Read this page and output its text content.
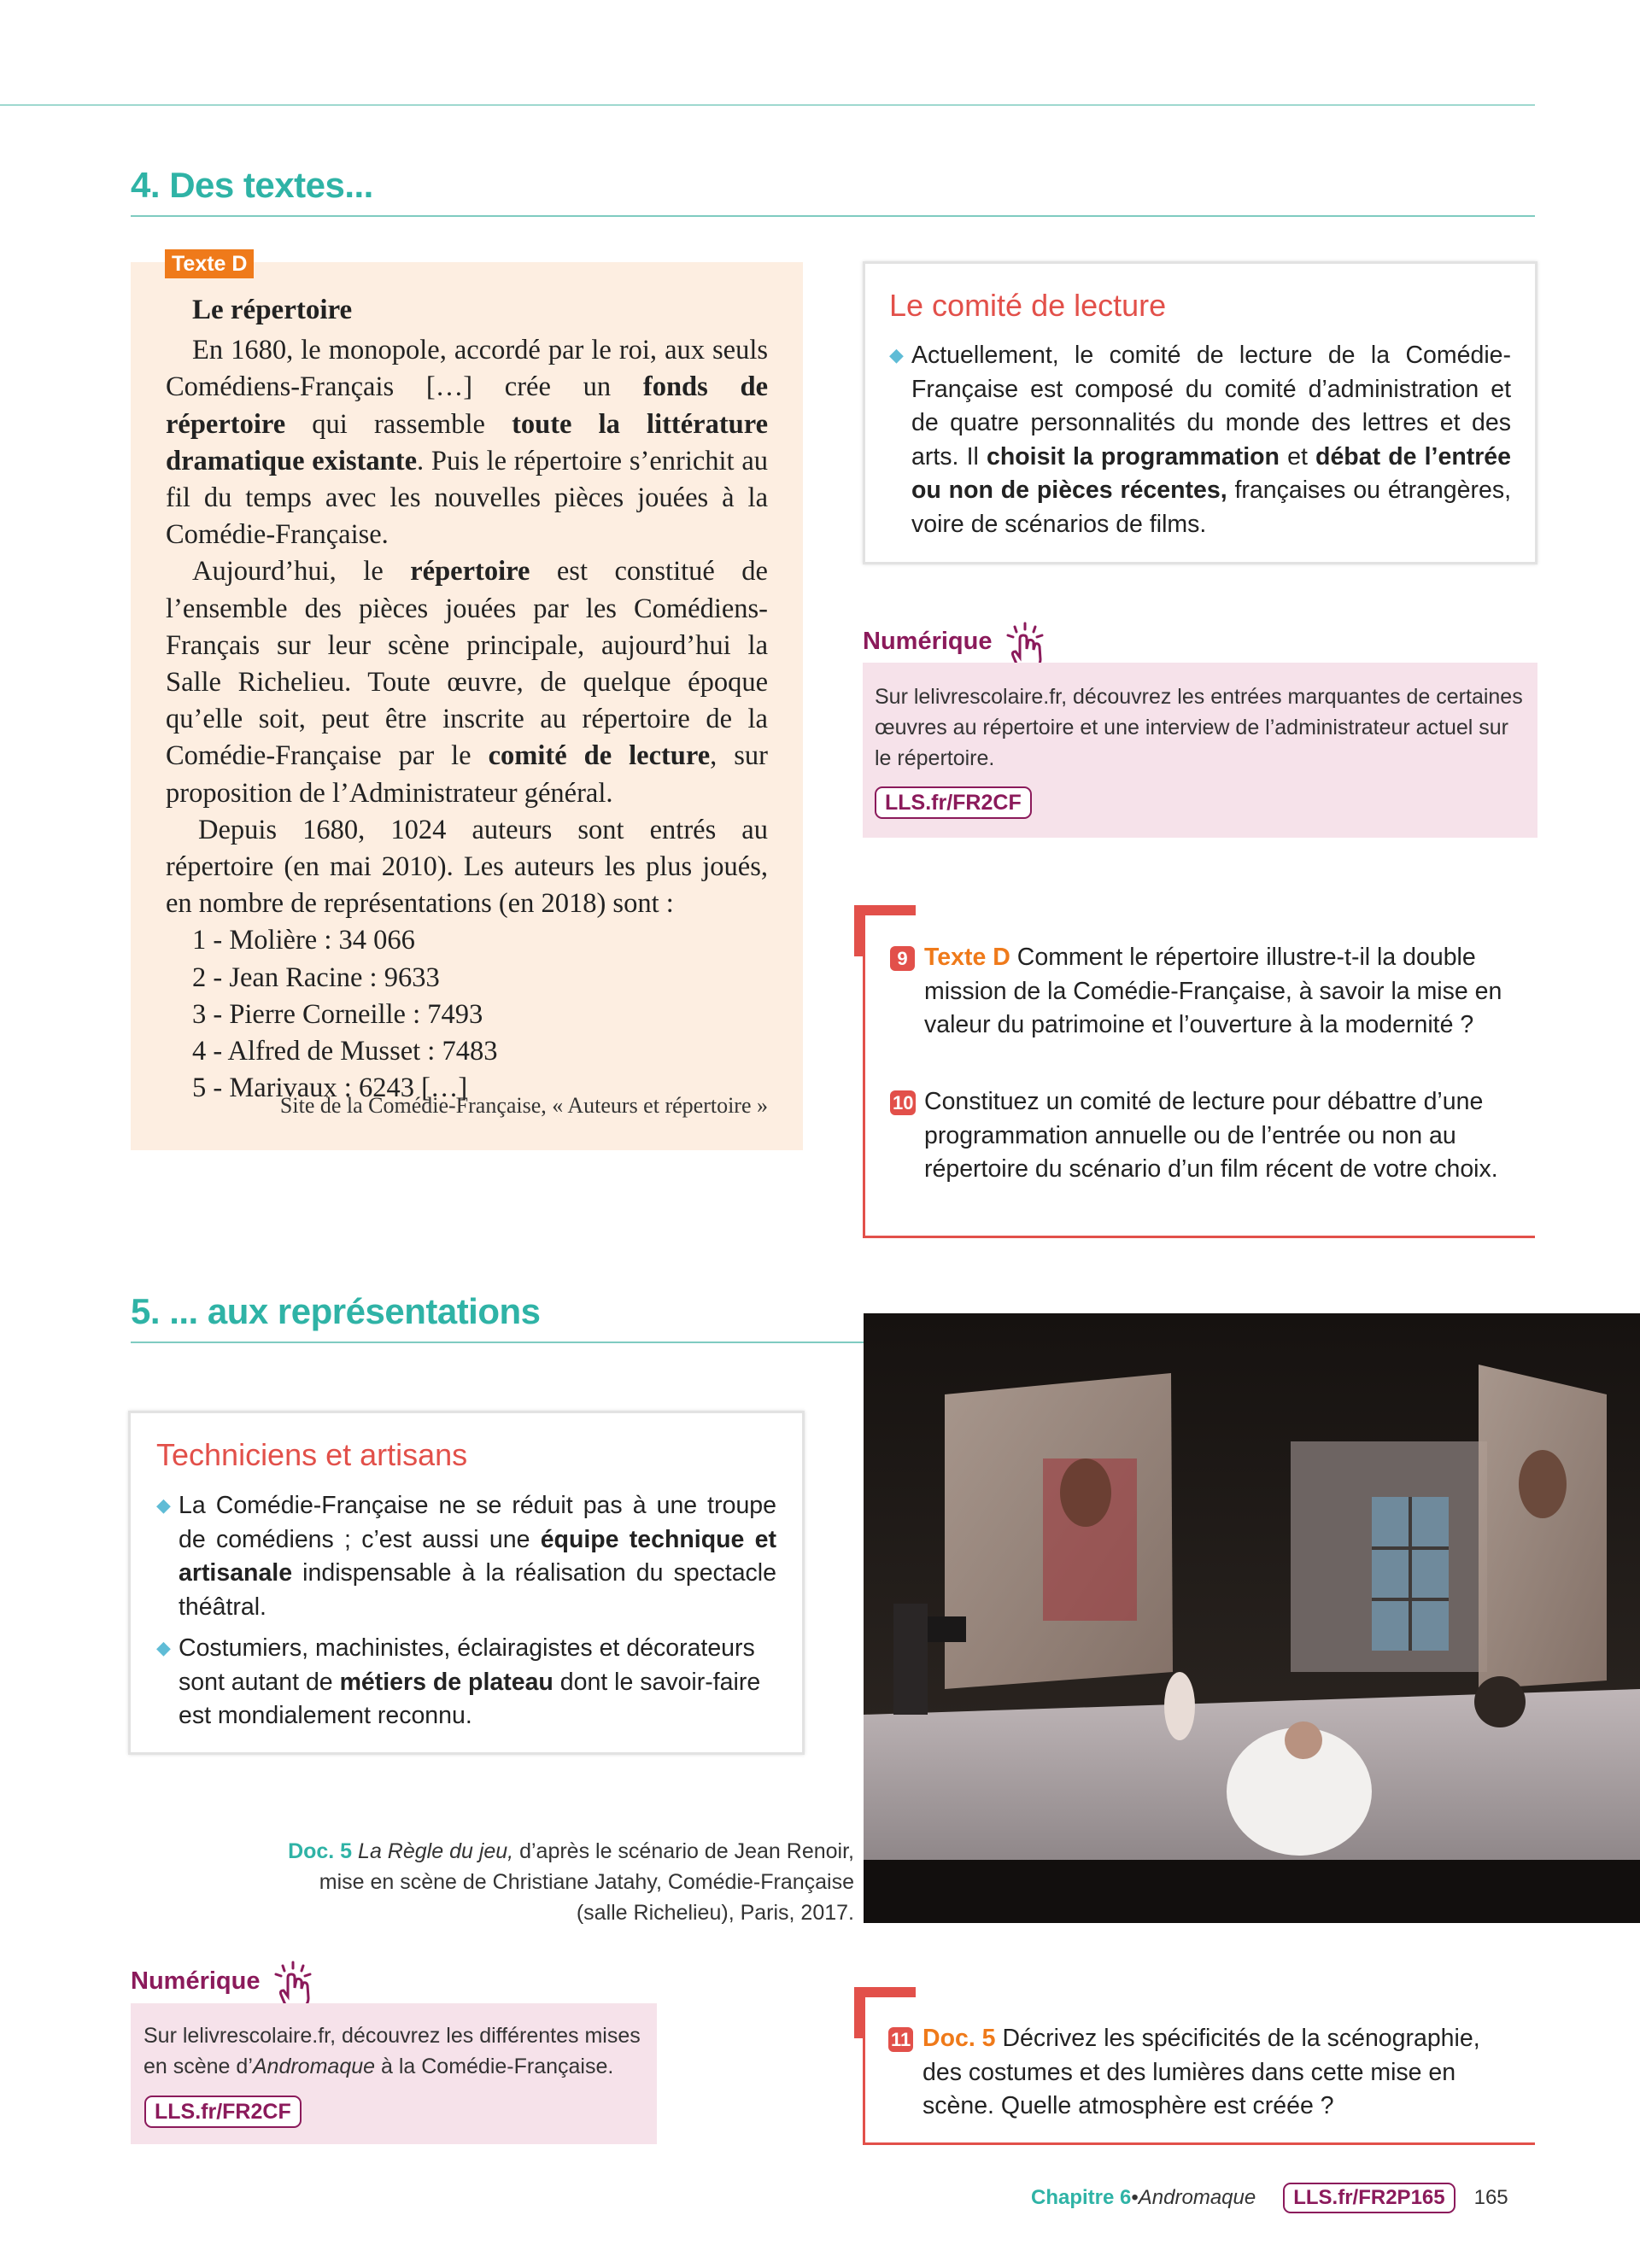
4. Des textes...
Texte D
Le répertoire

En 1680, le monopole, accordé par le roi, aux seuls Comédiens-Français […] crée un fonds de répertoire qui rassemble toute la littérature dramatique existante. Puis le répertoire s’enrichit au fil du temps avec les nouvelles pièces jouées à la Comédie-Française.

Aujourd’hui, le répertoire est constitué de l’ensemble des pièces jouées par les Comédiens-Français sur leur scène principale, aujourd’hui la Salle Richelieu. Toute œuvre, de quelque époque qu’elle soit, peut être inscrite au répertoire de la Comédie-Française par le comité de lecture, sur proposition de l’Administrateur général.

Depuis 1680, 1024 auteurs sont entrés au répertoire (en mai 2010). Les auteurs les plus joués, en nombre de représentations (en 2018) sont :

1 - Molière : 34 066
2 - Jean Racine : 9633
3 - Pierre Corneille : 7493
4 - Alfred de Musset : 7483
5 - Marivaux : 6243 […]
Site de la Comédie-Française, « Auteurs et répertoire »
Le comité de lecture
◆ Actuellement, le comité de lecture de la Comédie-Française est composé du comité d’administration et de quatre personnalités du monde des lettres et des arts. Il choisit la programmation et débat de l’entrée ou non de pièces récentes, françaises ou étrangères, voire de scénarios de films.
Numérique
Sur lelivrescolaire.fr, découvrez les entrées marquantes de certaines œuvres au répertoire et une interview de l’administrateur actuel sur le répertoire.
LLS.fr/FR2CF
9 Texte D Comment le répertoire illustre-t-il la double mission de la Comédie-Française, à savoir la mise en valeur du patrimoine et l’ouverture à la modernité ?
10 Constituez un comité de lecture pour débattre d’une programmation annuelle ou de l’entrée ou non au répertoire du scénario d’un film récent de votre choix.
5. ... aux représentations
Techniciens et artisans
◆ La Comédie-Française ne se réduit pas à une troupe de comédiens ; c’est aussi une équipe technique et artisanale indispensable à la réalisation du spectacle théâtral.
◆ Costumiers, machinistes, éclairagistes et décorateurs sont autant de métiers de plateau dont le savoir-faire est mondialement reconnu.
Doc. 5 La Règle du jeu, d’après le scénario de Jean Renoir,
mise en scène de Christiane Jatahy, Comédie-Française
(salle Richelieu), Paris, 2017.
Numérique
Sur lelivrescolaire.fr, découvrez les différentes mises en scène d’Andromaque à la Comédie-Française.
LLS.fr/FR2CF
11 Doc. 5 Décrivez les spécificités de la scénographie, des costumes et des lumières dans cette mise en scène. Quelle atmosphère est créée ?
Chapitre 6 • Andromaque	LLS.fr/FR2P165	165
